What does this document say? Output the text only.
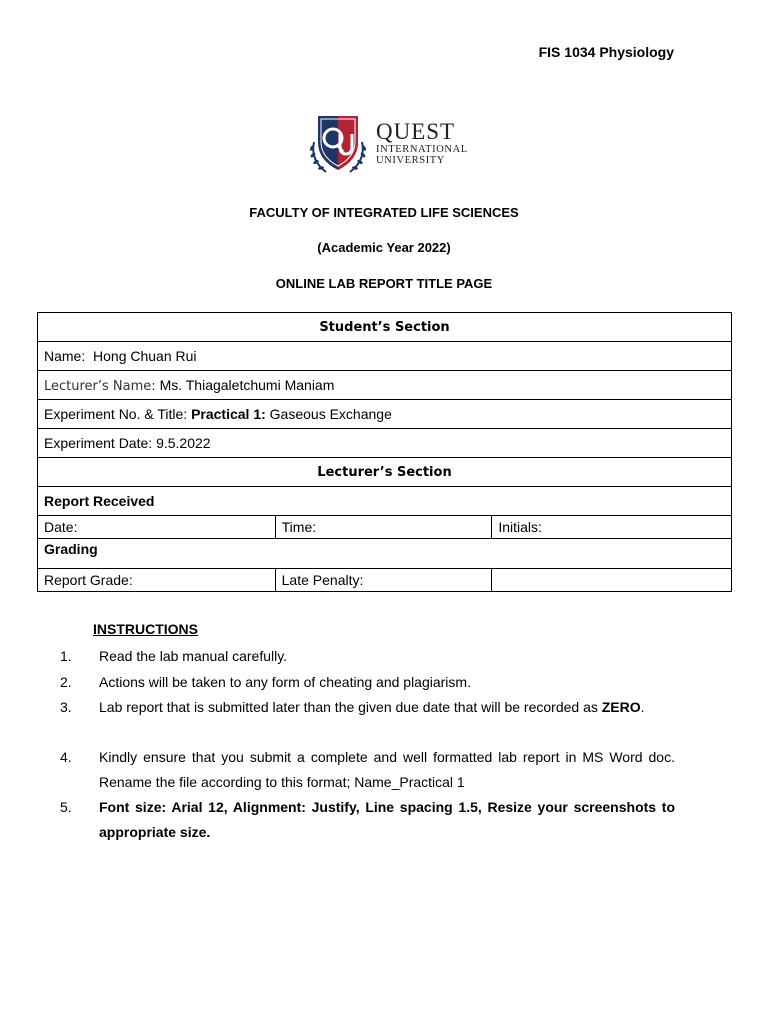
FIS 1034 Physiology
QUEST
INTERNATIONAL
UNIVERSITY
FACULTY OF INTEGRATED LIFE SCIENCES
(Academic Year 2022)
ONLINE LAB REPORT TITLE PAGE
Student’s Section		
Name: Hong Chuan Rui		
Lecturer’s Name: Ms. Thiagaletchumi Maniam		
Experiment No. & Title: Practical 1: Gaseous Exchange		
Experiment Date: 9.5.2022		
Lecturer’s Section		
Report Received		
Date:	Time:	Initials:
Grading		
Report Grade:	Late Penalty:	
INSTRUCTIONS
1. Read the lab manual carefully.
2. Actions will be taken to any form of cheating and plagiarism.
3. Lab report that is submitted later than the given due date that will be recorded as ZERO.
4. Kindly ensure that you submit a complete and well formatted lab report in MS Word doc. Rename the file according to this format; Name_Practical 1
5. Font size: Arial 12, Alignment: Justify, Line spacing 1.5, Resize your screenshots to appropriate size.
